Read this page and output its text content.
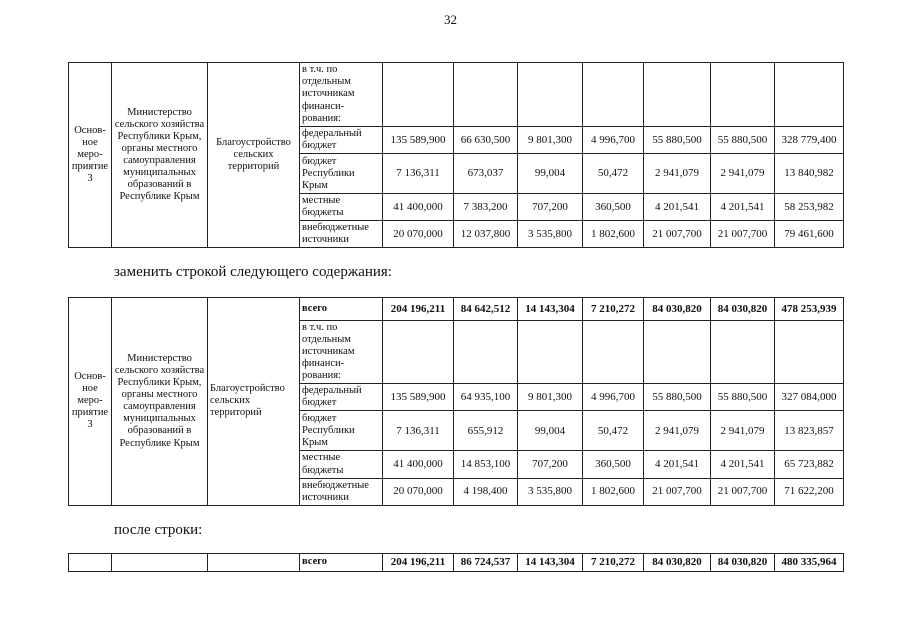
32
Основ-ное меро-приятие 3	Министерство сельского хозяйства Республики Крым, органы местного самоуправления муниципальных образований в Республике Крым	Благоустройство сельских территорий	в т.ч. по отдельным источникам финанси-рования:							
			федеральный бюджет	135 589,900	66 630,500	9 801,300	4 996,700	55 880,500	55 880,500	328 779,400
			бюджет Республики Крым	7 136,311	673,037	99,004	50,472	2 941,079	2 941,079	13 840,982
			местные бюджеты	41 400,000	7 383,200	707,200	360,500	4 201,541	4 201,541	58 253,982
			внебюджетные источники	20 070,000	12 037,800	3 535,800	1 802,600	21 007,700	21 007,700	79 461,600
заменить строкой следующего содержания:
Основ-ное меро-приятие 3	Министерство сельского хозяйства Республики Крым, органы местного самоуправления муниципальных образований в Республике Крым	Благоустройство сельских территорий	всего	204 196,211	84 642,512	14 143,304	7 210,272	84 030,820	84 030,820	478 253,939
			в т.ч. по отдельным источникам финанси-рования:							
			федеральный бюджет	135 589,900	64 935,100	9 801,300	4 996,700	55 880,500	55 880,500	327 084,000
			бюджет Республики Крым	7 136,311	655,912	99,004	50,472	2 941,079	2 941,079	13 823,857
			местные бюджеты	41 400,000	14 853,100	707,200	360,500	4 201,541	4 201,541	65 723,882
			внебюджетные источники	20 070,000	4 198,400	3 535,800	1 802,600	21 007,700	21 007,700	71 622,200
после строки:
			всего	204 196,211	86 724,537	14 143,304	7 210,272	84 030,820	84 030,820	480 335,964
